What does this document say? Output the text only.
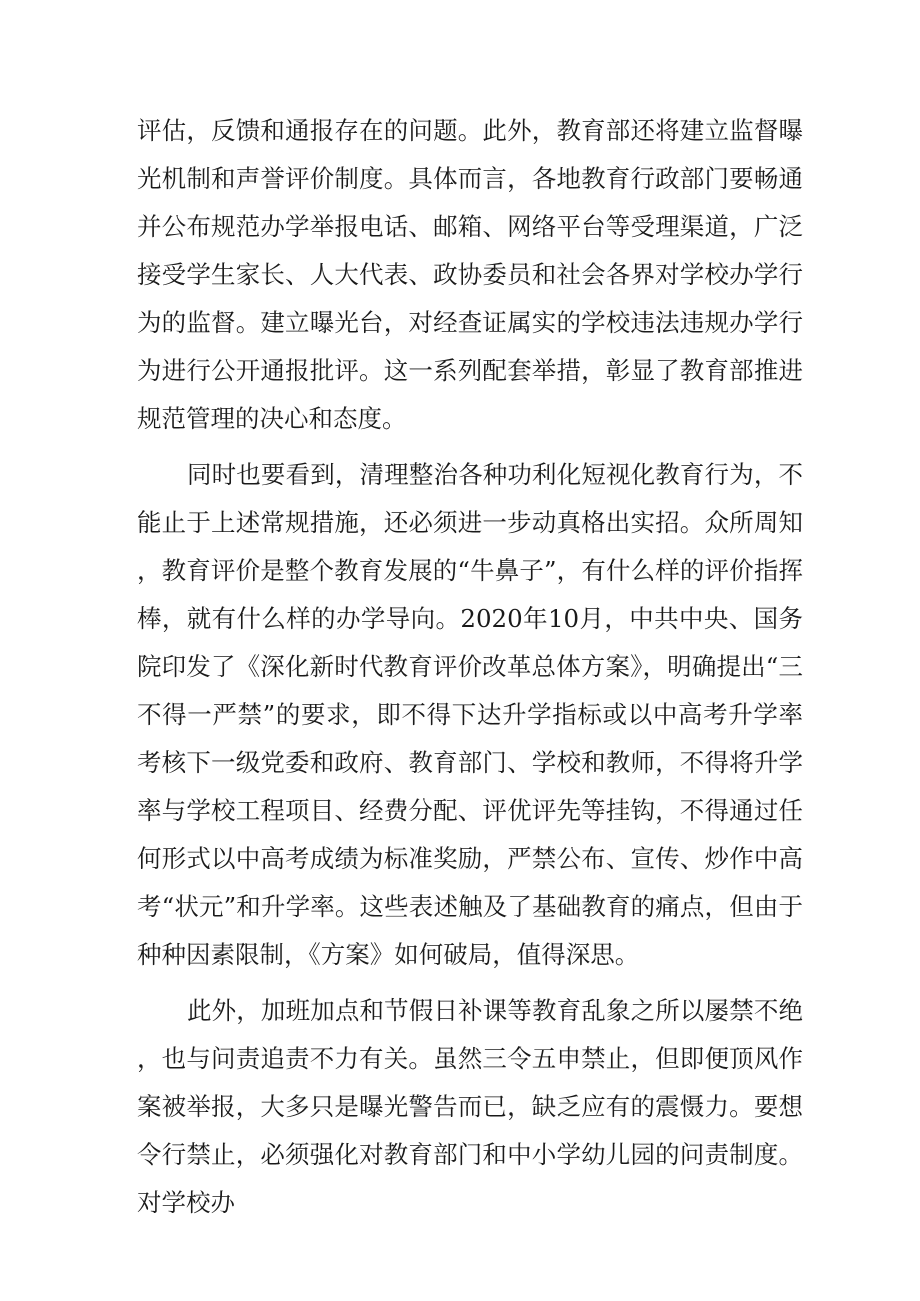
评估，反馈和通报存在的问题。此外，教育部还将建立监督曝光机制和声誉评价制度。具体而言，各地教育行政部门要畅通并公布规范办学举报电话、邮箱、网络平台等受理渠道，广泛接受学生家长、人大代表、政协委员和社会各界对学校办学行为的监督。建立曝光台，对经查证属实的学校违法违规办学行为进行公开通报批评。这一系列配套举措，彰显了教育部推进规范管理的决心和态度。

同时也要看到，清理整治各种功利化短视化教育行为，不能止于上述常规措施，还必须进一步动真格出实招。众所周知，教育评价是整个教育发展的“牛鼻子”，有什么样的评价指挥棒，就有什么样的办学导向。2020年10月，中共中央、国务院印发了《深化新时代教育评价改革总体方案》，明确提出“三不得一严禁”的要求，即不得下达升学指标或以中高考升学率考核下一级党委和政府、教育部门、学校和教师，不得将升学率与学校工程项目、经费分配、评优评先等挂钩，不得通过任何形式以中高考成绩为标准奖励，严禁公布、宣传、炒作中高考“状元”和升学率。这些表述触及了基础教育的痛点，但由于种种因素限制，《方案》如何破局，值得深思。

此外，加班加点和节假日补课等教育乱象之所以屡禁不绝，也与问责追责不力有关。虽然三令五申禁止，但即便顶风作案被举报，大多只是曝光警告而已，缺乏应有的震慑力。要想令行禁止，必须强化对教育部门和中小学幼儿园的问责制度。对学校办
